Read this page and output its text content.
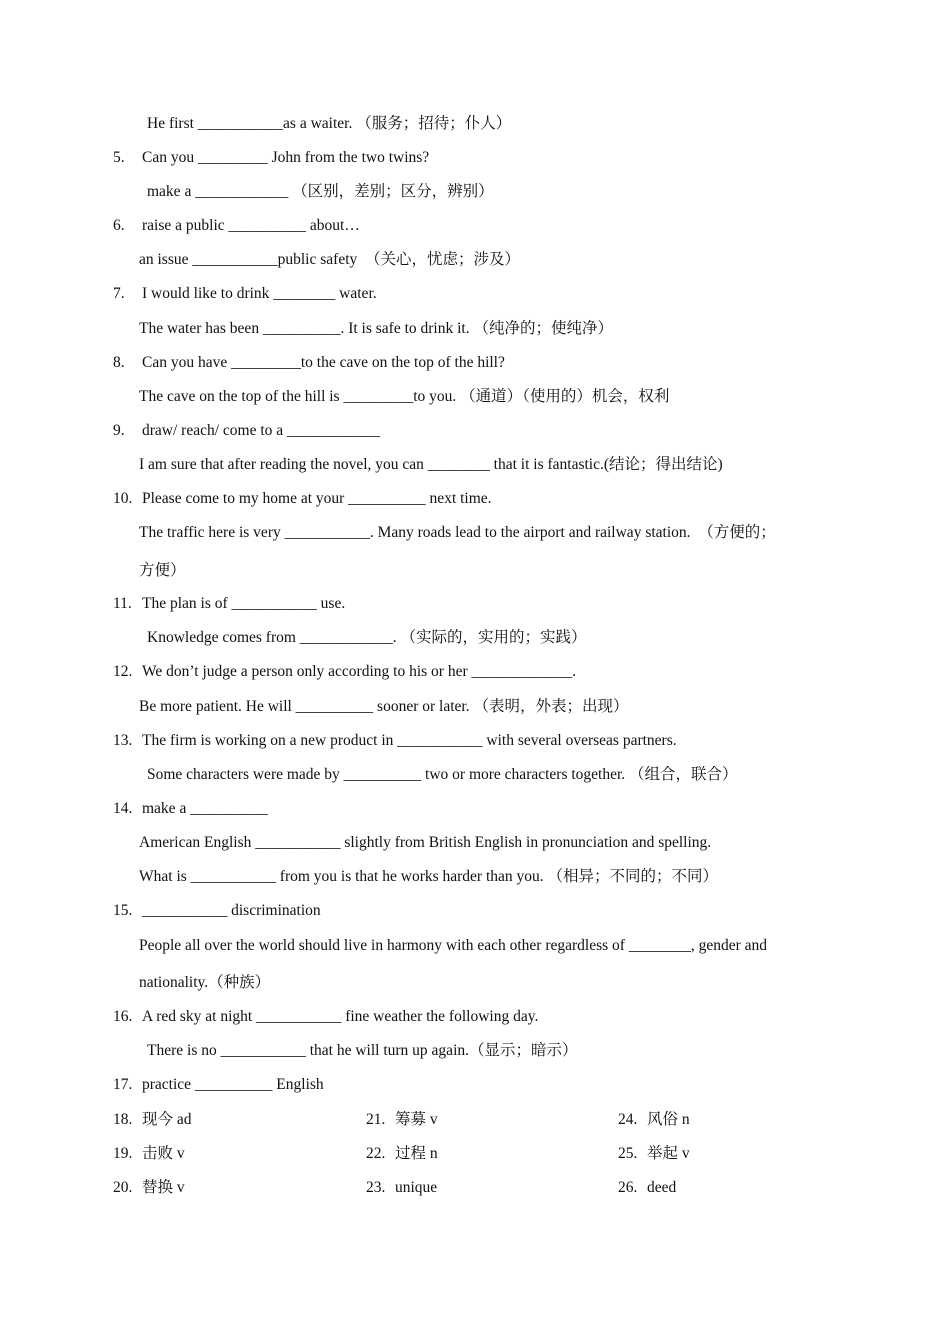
He first ___________as a waiter. （服务；招待；仆人）
5. Can you _________ John from the two twins?
make a ____________ （区别，差别；区分，辨别）
6. raise a public __________ about…
an issue ___________public safety  （关心，忧虑；涉及）
7. I would like to drink ________ water.
The water has been __________. It is safe to drink it. （纯净的；使纯净）
8. Can you have _________to the cave on the top of the hill?
The cave on the top of the hill is _________to you. （通道）（使用的）机会，权利
9. draw/ reach/ come to a ____________
I am sure that after reading the novel, you can ________ that it is fantastic.(结论；得出结论)
10. Please come to my home at your __________ next time.
The traffic here is very ___________. Many roads lead to the airport and railway station.  （方便的；
方便）
11. The plan is of ___________ use.
Knowledge comes from ____________. （实际的，实用的；实践）
12. We don’t judge a person only according to his or her _____________.
Be more patient. He will __________ sooner or later. （表明，外表；出现）
13. The firm is working on a new product in ___________ with several overseas partners.
Some characters were made by __________ two or more characters together. （组合，联合）
14. make a __________
American English ___________ slightly from British English in pronunciation and spelling.
What is ___________ from you is that he works harder than you. （相异；不同的；不同）
15. ___________ discrimination
People all over the world should live in harmony with each other regardless of ________, gender and
nationality.（种族）
16. A red sky at night ___________ fine weather the following day.
There is no ___________ that he will turn up again.（显示；暗示）
17. practice __________ English
18. 现今 ad	21. 筹募 v	24. 风俗 n
19. 击败 v	22. 过程 n	25. 举起 v
20. 替换 v	23. unique	26. deed
